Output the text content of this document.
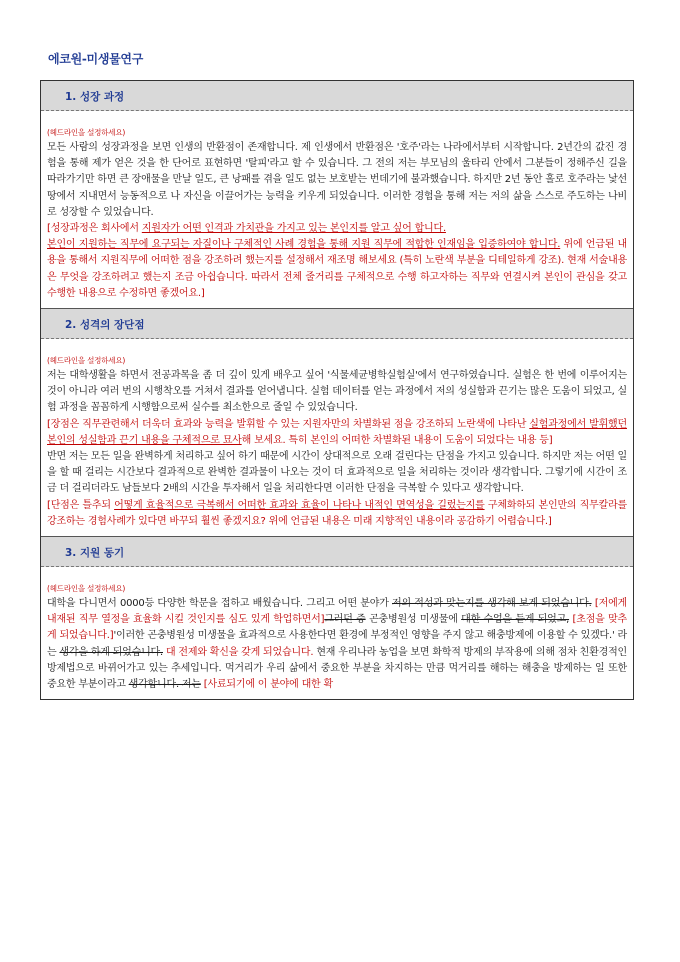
에코원-미생물연구
1. 성장 과정
(헤드라인을 설정하세요)
모든 사람의 성장과정을 보면 인생의 반환점이 존재합니다. 제 인생에서 반환점은 '호주'라는 나라에서부터 시작합니다. 2년간의 값진 경험을 통해 제가 얻은 것을 한 단어로 표현하면 '탈피'라고 할 수 있습니다. 그 전의 저는 부모님의 울타리 안에서 그분들이 정해주신 길을 따라가기만 하면 큰 장애물을 만날 일도, 큰 낭패를 겪을 일도 없는 보호받는 번데기에 불과했습니다. 하지만 2년 동안 홀로 호주라는 낯선 땅에서 지내면서 능동적으로 나 자신을 이끌어가는 능력을 키우게 되었습니다. 이러한 경험을 통해 저는 저의 삶을 스스로 주도하는 나비로 성장할 수 있었습니다.
[성장과정은 회사에서 지원자가 어떤 인격과 가치관을 가지고 있는 본인지를 알고 싶어 합니다.
본인이 지원하는 직무에 요구되는 자질이나 구체적인 사례 경험을 통해 지원 직무에 적합한 인재임을 입증하여야 합니다. 위에 언급된 내용을 통해서 지원직무에 어떠한 점을 강조하려 했는지를 설정해서 재조명 해보세요 (특히 노란색 부분을 디테일하게 강조). 현재 서술내용은 무엇을 강조하려고 했는지 조금 아쉽습니다. 따라서 전체 줄거리를 구체적으로 수행 하고자하는 직무와 연결시켜 본인이 관심을 갖고 수행한 내용으로 수정하면 좋겠어요.]
2. 성격의 장단점
(헤드라인을 설정하세요)
저는 대학생활을 하면서 전공과목을 좀 더 깊이 있게 배우고 싶어 '식물세균병학실험실'에서 연구하였습니다. 실험은 한 번에 이루어지는 것이 아니라 여러 번의 시행착오를 거쳐서 결과를 얻어냅니다. 실험 데이터를 얻는 과정에서 저의 성실함과 끈기는 많은 도움이 되었고, 실험 과정을 꼼꼼하게 시행함으로써 실수를 최소한으로 줄일 수 있었습니다.
[장점은 직무관련해서 더욱더 효과와 능력을 발휘할 수 있는 지원자만의 차별화된 점을 강조하되 노란색에 나타난 실험과정에서 발휘했던 본인의 성실함과 끈기 내용을 구체적으로 묘사해 보세요. 특히 본인의 어떠한 차별화된 내용이 도움이 되었다는 내용 등]
반면 저는 모든 일을 완벽하게 처리하고 싶어 하기 때문에 시간이 상대적으로 오래 걸린다는 단점을 가지고 있습니다. 하지만 저는 어떤 일을 할 때 걸리는 시간보다 결과적으로 완벽한 결과물이 나오는 것이 더 효과적으로 일을 처리하는 것이라 생각합니다. 그렇기에 시간이 조금 더 걸리더라도 남들보다 2배의 시간을 투자해서 일을 처리한다면 이러한 단점을 극복할 수 있다고 생각합니다.
[단점은 틀추되 어떻게 효율적으로 극복해서 어떠한 효과와 효율이 나타나 내적인 면역성을 길렀는지를 구체화하되 본인만의 직무칼라를 강조하는 경험사례가 있다면 바꾸되 훨씬 좋겠지요? 위에 언급된 내용은 미래 지향적인 내용이라 공감하기 어렵습니다.]
3. 지원 동기
(헤드라인을 설정하세요)
대학을 다니면서 0000등 다양한 학문을 접하고 배웠습니다. 그리고 어떤 분야가 저의 적성과 맞는지를 생각해 보게 되었습니다. [저에게 내재된 직무 열정을 효율화 시킬 것인지를 심도 있게 학업하면서]그러던 중 곤충병원성 미생물에 대한 수업을 듣게 되었고, [초점을 맞추게 되었습니다.]'이러한 곤충병원성 미생물을 효과적으로 사용한다면 환경에 부정적인 영향을 주지 않고 해충방제에 이용할 수 있겠다.' 라는 생각을 하게 되었습니다. 대 전제와 확신을 갖게 되었습니다. 현재 우리나라 농업을 보면 화학적 방제의 부작용에 의해 점차 친환경적인 방제법으로 바뀌어가고 있는 추세입니다. 먹거리가 우리 삶에서 중요한 부분을 차지하는 만큼 먹거리를 해하는 해충을 방제하는 일 또한 중요한 부분이라고 생각합니다. 저는 [사료되기에 이 분야에 대한 확
